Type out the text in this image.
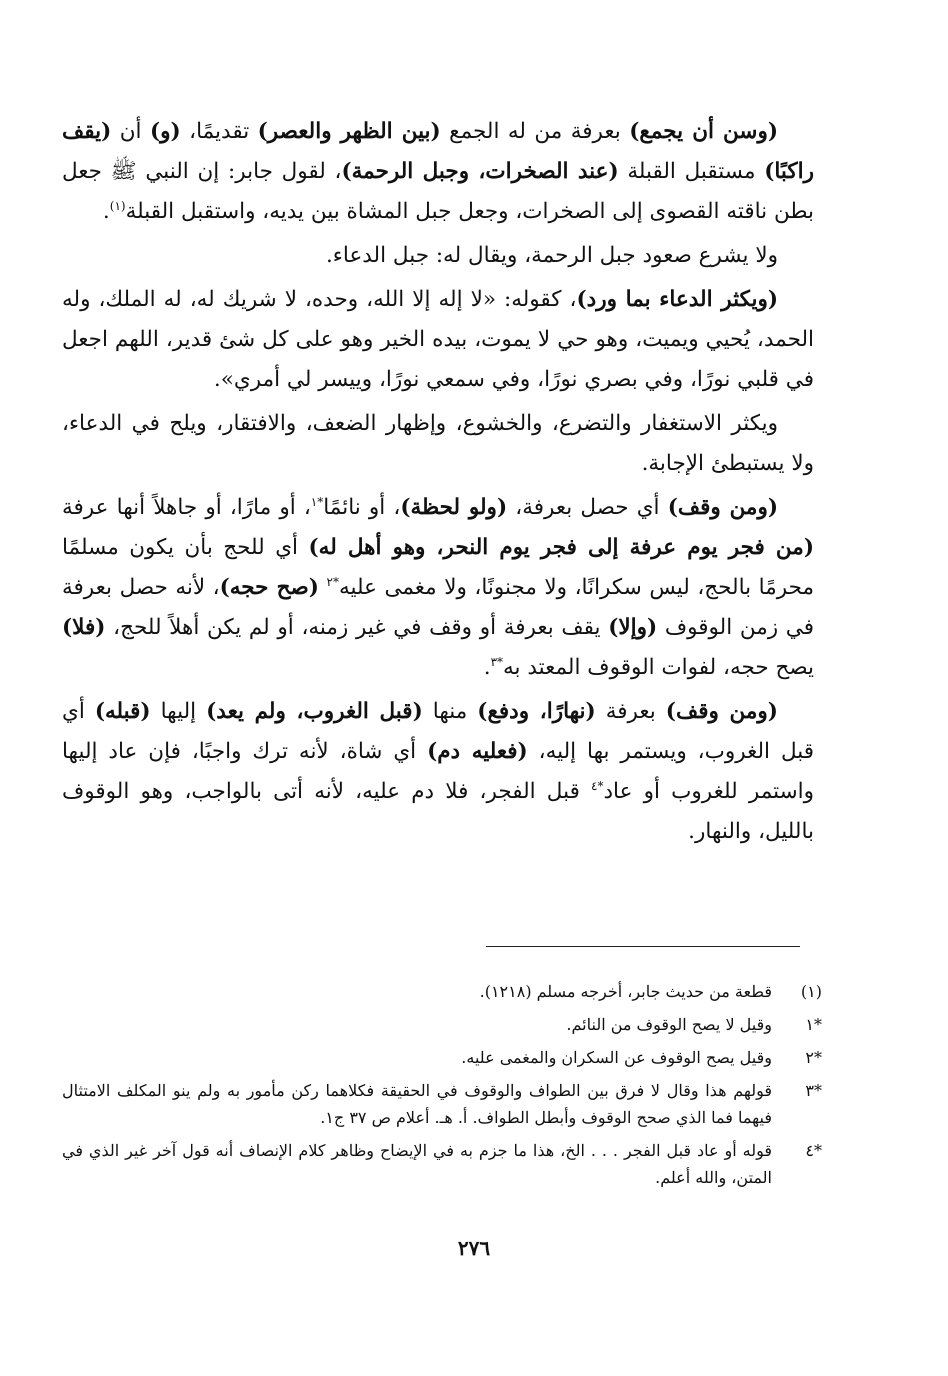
(وسن أن يجمع) بعرفة من له الجمع (بين الظهر والعصر) تقديمًا، (و) أن (يقف راكبًا) مستقبل القبلة (عند الصخرات، وجبل الرحمة)، لقول جابر: إن النبي ﷺ جعل بطن ناقته القصوى إلى الصخرات، وجعل جبل المشاة بين يديه، واستقبل القبلة$^{(١)}$.

ولا يشرع صعود جبل الرحمة، ويقال له: جبل الدعاء.

(ويكثر الدعاء بما ورد)، كقوله: «لا إله إلا الله، وحده، لا شريك له، له الملك، وله الحمد، يُحيي ويميت، وهو حي لا يموت، بيده الخير وهو على كل شئ قدير، اللهم اجعل في قلبي نورًا، وفي بصري نورًا، وفي سمعي نورًا، وييسر لي أمري».

ويكثر الاستغفار والتضرع، والخشوع، وإظهار الضعف، والافتقار، ويلح في الدعاء، ولا يستبطئ الإجابة.

(ومن وقف) أي حصل بعرفة، (ولو لحظة)، أو نائمًا$^{*١}$، أو مارًا، أو جاهلاً أنها عرفة (من فجر يوم عرفة إلى فجر يوم النحر، وهو أهل له) أي للحج بأن يكون مسلمًا محرمًا بالحج، ليس سكرانًا، ولا مجنونًا، ولا مغمى عليه$^{*٢}$ (صح حجه)، لأنه حصل بعرفة في زمن الوقوف (وإلا) يقف بعرفة أو وقف في غير زمنه، أو لم يكن أهلاً للحج، (فلا) يصح حجه، لفوات الوقوف المعتد به$^{*٣}$.

(ومن وقف) بعرفة (نهارًا، ودفع) منها (قبل الغروب، ولم يعد) إليها (قبله) أي قبل الغروب، ويستمر بها إليه، (فعليه دم) أي شاة، لأنه ترك واجبًا، فإن عاد إليها واستمر للغروب أو عاد$^{*٤}$ قبل الفجر، فلا دم عليه، لأنه أتى بالواجب، وهو الوقوف بالليل، والنهار.

(١)
قطعة من حديث جابر، أخرجه مسلم (١٢١٨).
*١
وقيل لا يصح الوقوف من النائم.
*٢
وقيل يصح الوقوف عن السكران والمغمى عليه.
*٣
قولهم هذا وقال لا فرق بين الطواف والوقوف في الحقيقة فكلاهما ركن مأمور به ولم ينو المكلف الامتثال فيهما فما الذي صحح الوقوف وأبطل الطواف. أ. هـ. أعلام ص ٣٧ ج١.
*٤
قوله أو عاد قبل الفجر . . . الخ، هذا ما جزم به في الإيضاح وظاهر كلام الإنصاف أنه قول آخر غير الذي في المتن، والله أعلم.
٢٧٦
